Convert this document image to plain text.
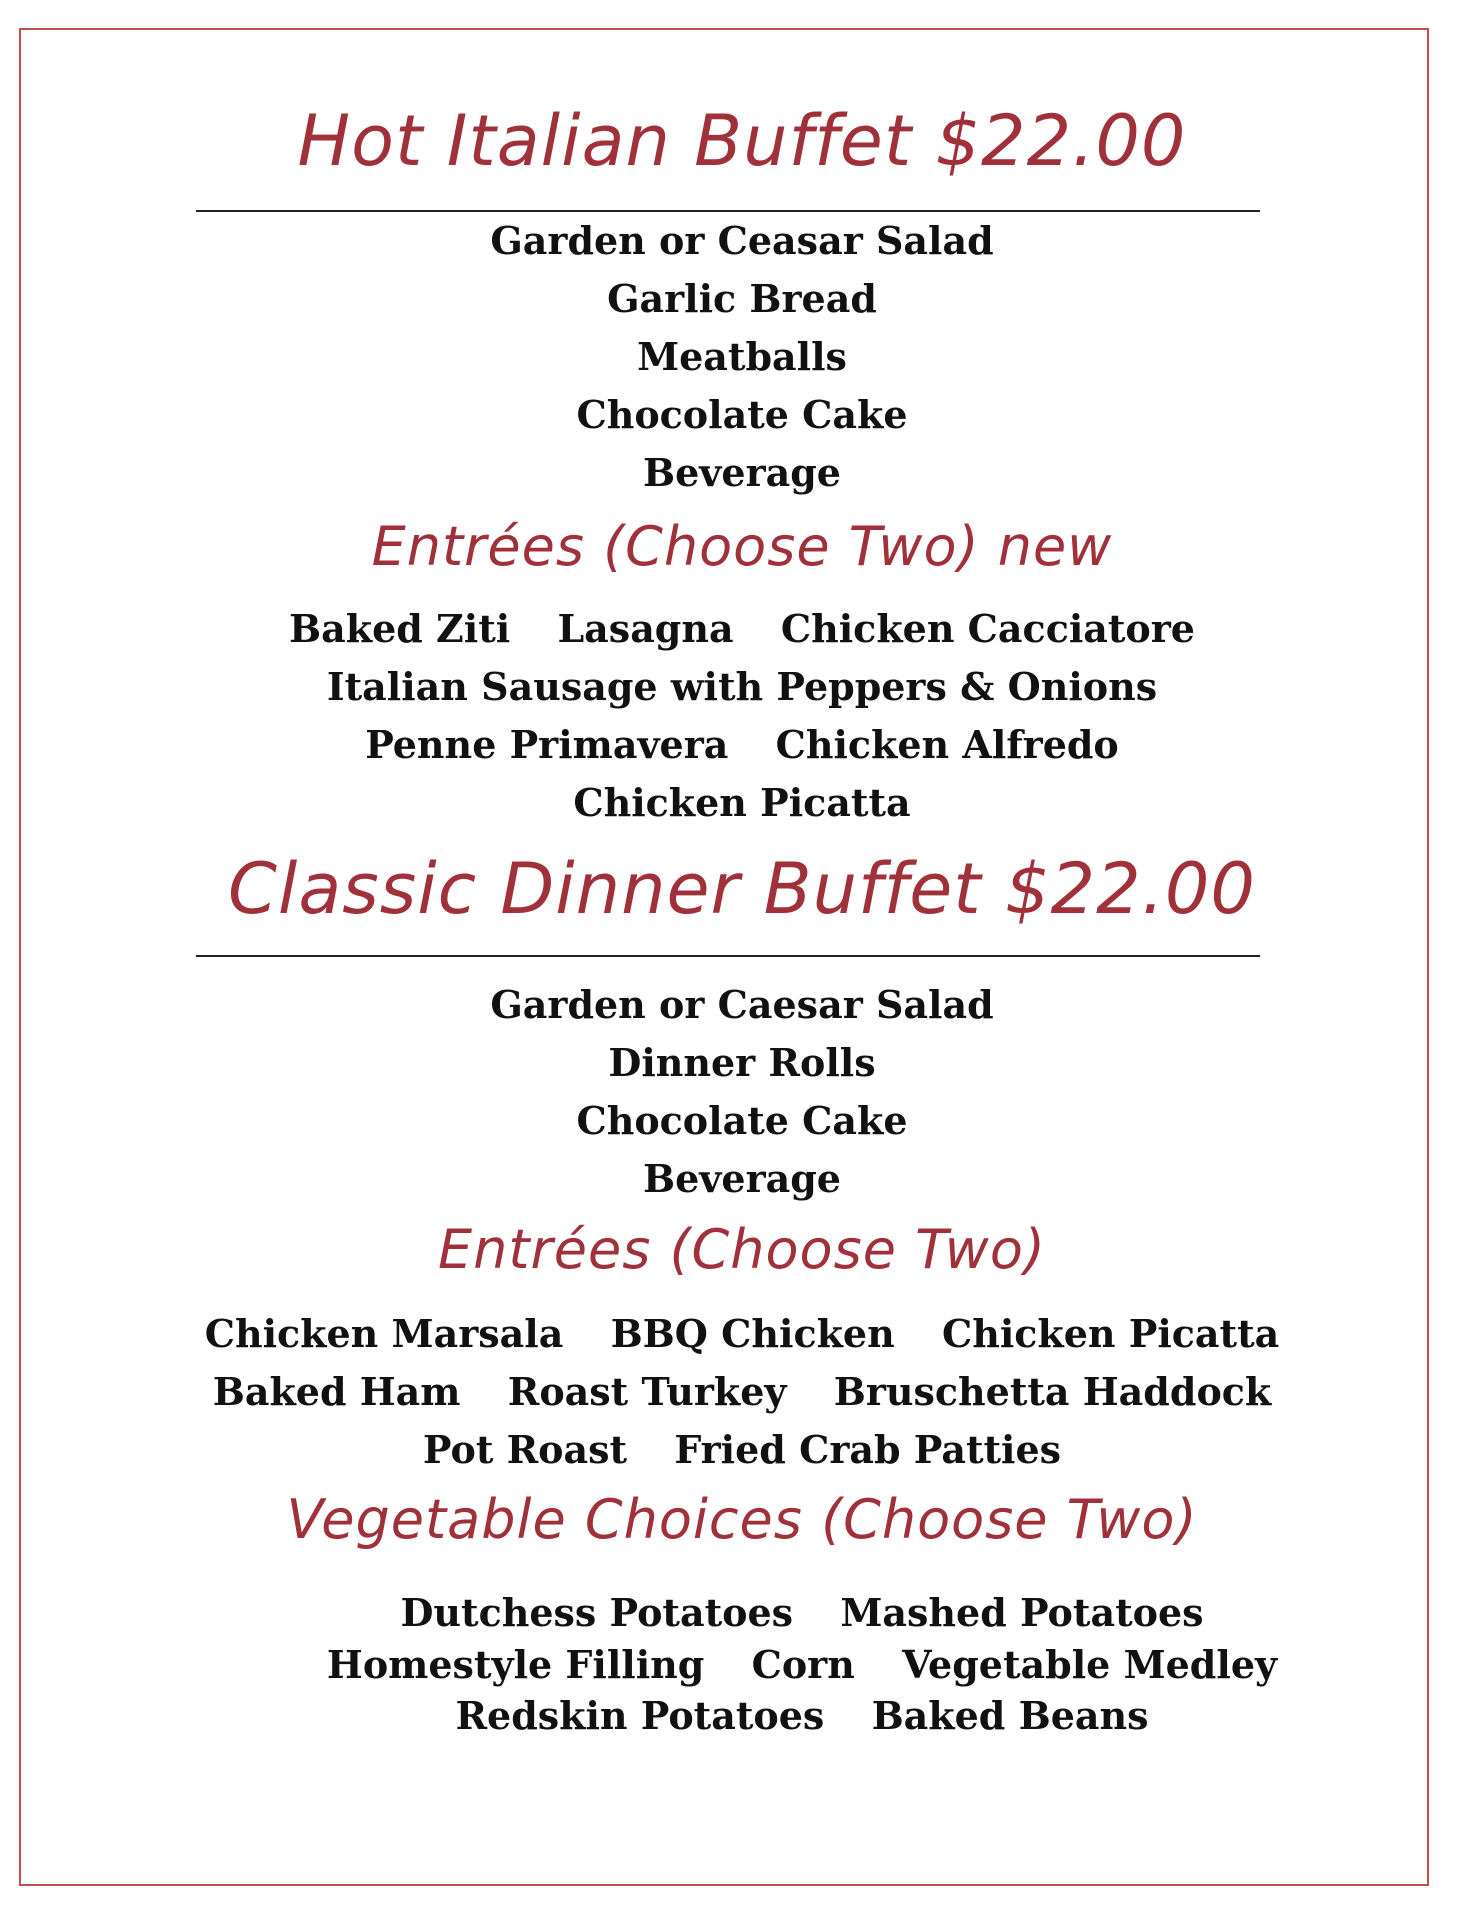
Hot Italian Buffet $22.00
Garden or Ceasar Salad
Garlic Bread
Meatballs
Chocolate Cake
Beverage
Entrées (Choose Two) new
Baked Ziti Lasagna Chicken Cacciatore
Italian Sausage with Peppers & Onions
Penne Primavera Chicken Alfredo
Chicken Picatta
Classic Dinner Buffet $22.00
Garden or Caesar Salad
Dinner Rolls
Chocolate Cake
Beverage
Entrées (Choose Two)
Chicken Marsala BBQ Chicken Chicken Picatta
Baked Ham Roast Turkey Bruschetta Haddock
Pot Roast Fried Crab Patties
Vegetable Choices (Choose Two)
Dutchess Potatoes Mashed Potatoes
Homestyle Filling Corn Vegetable Medley
Redskin Potatoes Baked Beans
